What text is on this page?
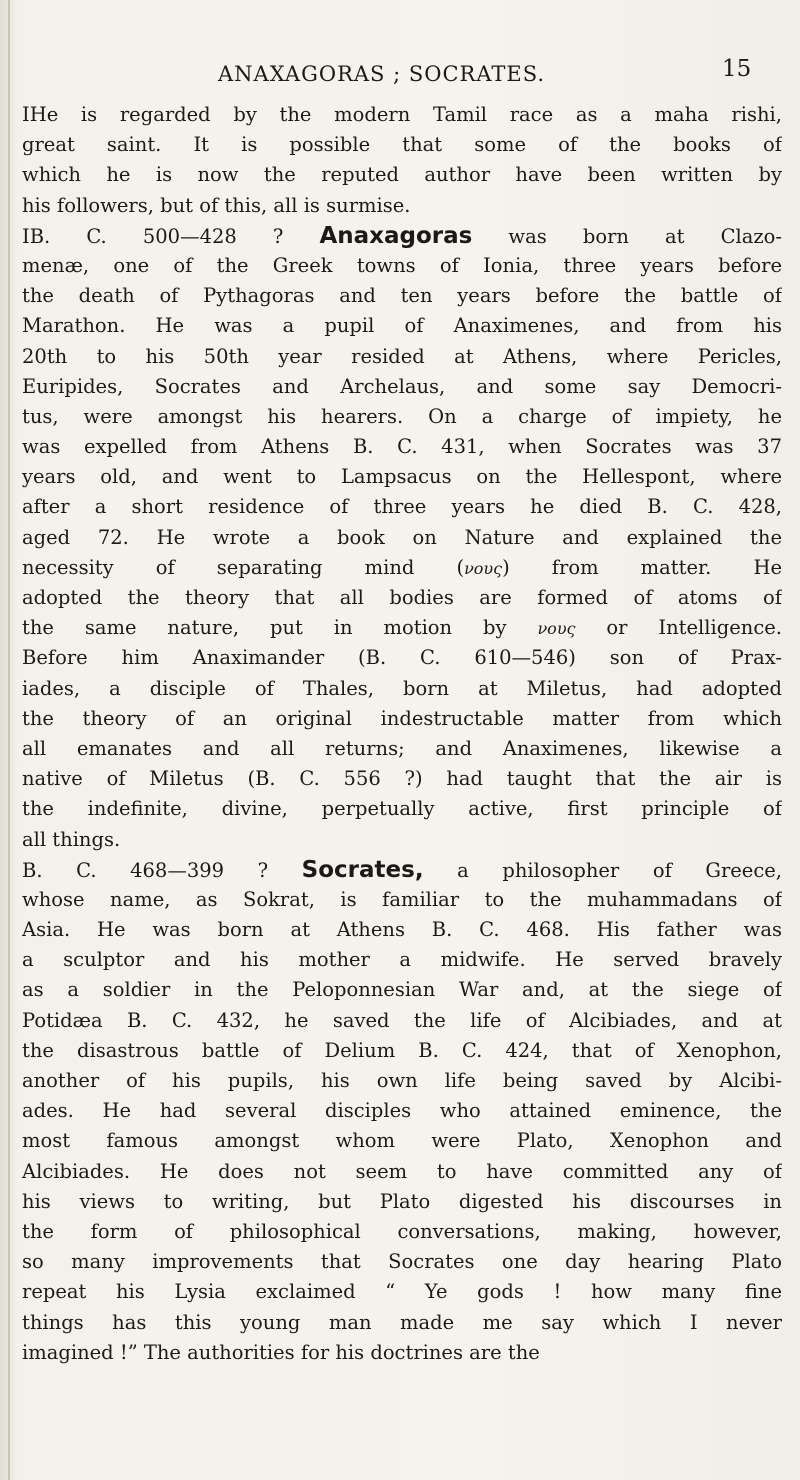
ANAXAGORAS ; SOCRATES.	15
IHe is regarded by the modern Tamil race as a maha rishi,
great saint. It is possible that some of the books of
which he is now the reputed author have been written by
his followers, but of this, all is surmise.
IB. C. 500—428 ? Anaxagoras was born at Clazo-
menæ, one of the Greek towns of Ionia, three years before
the death of Pythagoras and ten years before the battle of
Marathon. He was a pupil of Anaximenes, and from his
20th to his 50th year resided at Athens, where Pericles,
Euripides, Socrates and Archelaus, and some say Democri-
tus, were amongst his hearers. On a charge of impiety, he
was expelled from Athens B. C. 431, when Socrates was 37
years old, and went to Lampsacus on the Hellespont, where
after a short residence of three years he died B. C. 428,
aged 72. He wrote a book on Nature and explained the
necessity of separating mind (νους) from matter. He
adopted the theory that all bodies are formed of atoms of
the same nature, put in motion by νους or Intelligence.
Before him Anaximander (B. C. 610—546) son of Prax-
iades, a disciple of Thales, born at Miletus, had adopted
the theory of an original indestructable matter from which
all emanates and all returns; and Anaximenes, likewise a
native of Miletus (B. C. 556 ?) had taught that the air is
the indefinite, divine, perpetually active, first principle of
all things.
B. C. 468—399 ? Socrates, a philosopher of Greece,
whose name, as Sokrat, is familiar to the muhammadans of
Asia. He was born at Athens B. C. 468. His father was
a sculptor and his mother a midwife. He served bravely
as a soldier in the Peloponnesian War and, at the siege of
Potidæa B. C. 432, he saved the life of Alcibiades, and at
the disastrous battle of Delium B. C. 424, that of Xenophon,
another of his pupils, his own life being saved by Alcibi-
ades. He had several disciples who attained eminence, the
most famous amongst whom were Plato, Xenophon and
Alcibiades. He does not seem to have committed any of
his views to writing, but Plato digested his discourses in
the form of philosophical conversations, making, however,
so many improvements that Socrates one day hearing Plato
repeat his Lysia exclaimed “ Ye gods ! how many fine
things has this young man made me say which I never
imagined !” The authorities for his doctrines are the
